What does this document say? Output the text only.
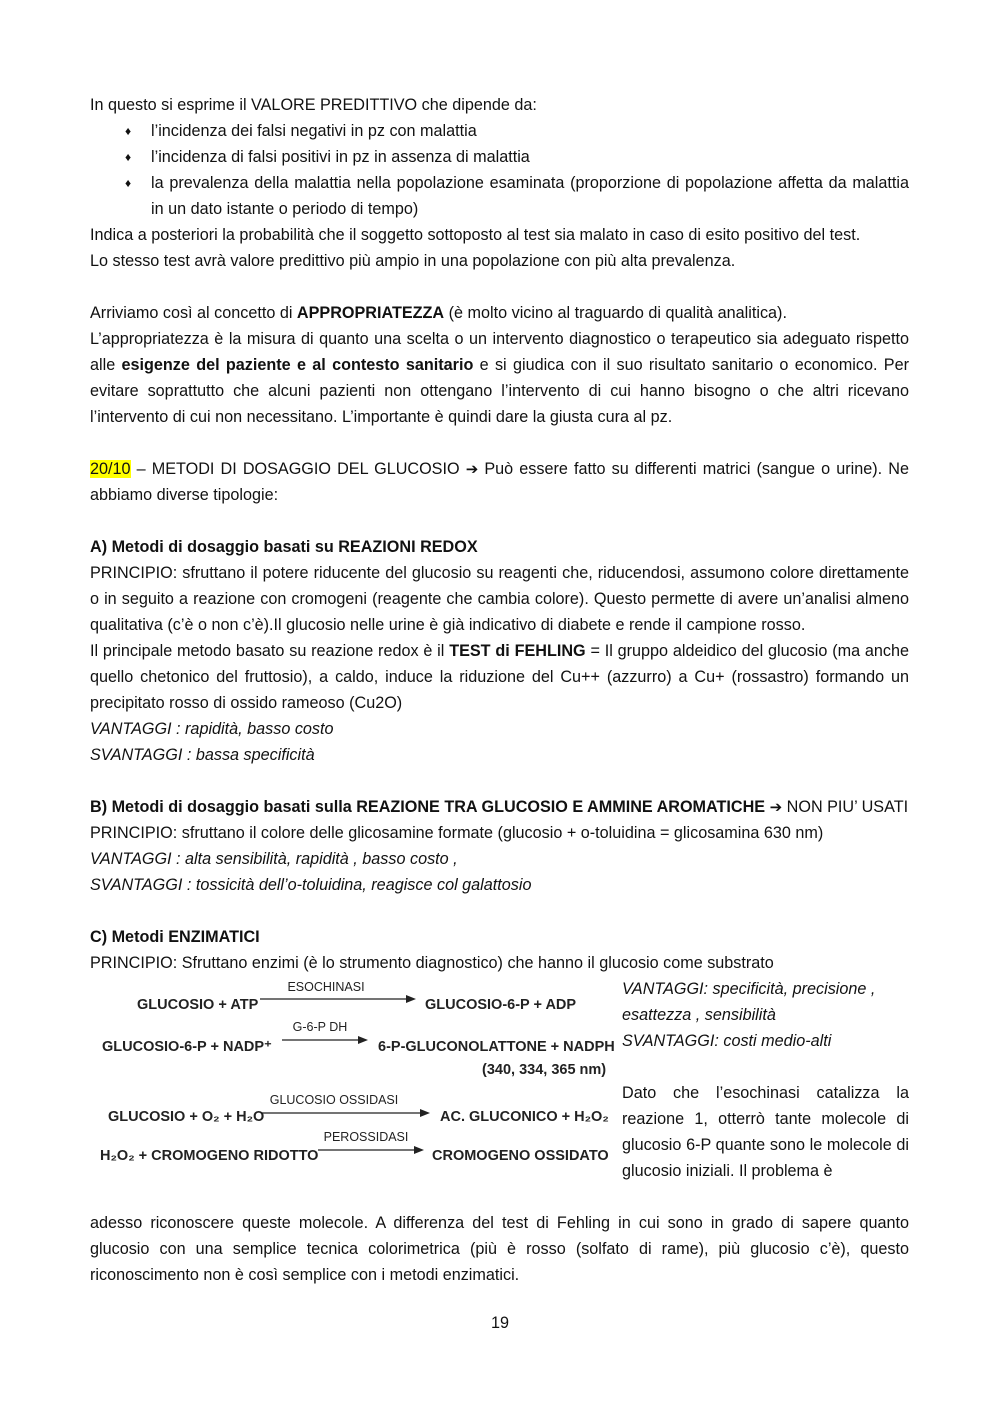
In questo si esprime il VALORE PREDITTIVO che dipende da:

♦ l’incidenza dei falsi negativi in pz con malattia
♦ l’incidenza di falsi positivi in pz in assenza di malattia
♦ la prevalenza della malattia nella popolazione esaminata (proporzione di popolazione affetta da malattia in un dato istante o periodo di tempo)

Indica a posteriori la probabilità che il soggetto sottoposto al test sia malato in caso di esito positivo del test.

Lo stesso test avrà valore predittivo più ampio in una popolazione con più alta prevalenza.

Arriviamo così al concetto di APPROPRIATEZZA (è molto vicino al traguardo di qualità analitica).

L’appropriatezza è la misura di quanto una scelta o un intervento diagnostico o terapeutico sia adeguato rispetto alle esigenze del paziente e al contesto sanitario e si giudica con il suo risultato sanitario o economico. Per evitare soprattutto che alcuni pazienti non ottengano l’intervento di cui hanno bisogno o che altri ricevano l’intervento di cui non necessitano. L’importante è quindi dare la giusta cura al pz.

20/10 – METODI DI DOSAGGIO DEL GLUCOSIO ➔ Può essere fatto su differenti matrici (sangue o urine). Ne abbiamo diverse tipologie:

A) Metodi di dosaggio basati su REAZIONI REDOX

PRINCIPIO: sfruttano il potere riducente del glucosio su reagenti che, riducendosi, assumono colore direttamente o in seguito a reazione con cromogeni (reagente che cambia colore). Questo permette di avere un’analisi almeno qualitativa (c’è o non c’è).Il glucosio nelle urine è già indicativo di diabete e rende il campione rosso.

Il principale metodo basato su reazione redox è il TEST di FEHLING = Il gruppo aldeidico del glucosio (ma anche quello chetonico del fruttosio), a caldo, induce la riduzione del Cu++ (azzurro) a Cu+ (rossastro) formando un precipitato rosso di ossido rameoso (Cu2O)

VANTAGGI : rapidità, basso costo

SVANTAGGI : bassa specificità

B) Metodi di dosaggio basati sulla REAZIONE TRA GLUCOSIO E AMMINE AROMATICHE ➔ NON PIU’ USATI

PRINCIPIO: sfruttano il colore delle glicosamine formate (glucosio + o-toluidina = glicosamina 630 nm)

VANTAGGI : alta sensibilità, rapidità , basso costo ,

SVANTAGGI : tossicità dell’o-toluidina, reagisce col galattosio

C) Metodi ENZIMATICI

PRINCIPIO: Sfruttano enzimi (è lo strumento diagnostico) che hanno il glucosio come substrato

GLUCOSIO + ATP
ESOCHINASI
GLUCOSIO-6-P + ADP
GLUCOSIO-6-P + NADP⁺
G-6-P DH
6-P-GLUCONOLATTONE + NADPH
(340, 334, 365 nm)
GLUCOSIO + O₂ + H₂O
GLUCOSIO OSSIDASI
AC. GLUCONICO + H₂O₂
H₂O₂ + CROMOGENO RIDOTTO
PEROSSIDASI
CROMOGENO OSSIDATO

VANTAGGI: specificità, precisione , esattezza , sensibilità

SVANTAGGI: costi medio-alti

Dato che l’esochinasi catalizza la reazione 1, otterrò tante molecole di glucosio 6-P quante sono le molecole di glucosio iniziali. Il problema è

adesso riconoscere queste molecole. A differenza del test di Fehling in cui sono in grado di sapere quanto glucosio con una semplice tecnica colorimetrica (più è rosso (solfato di rame), più glucosio c’è), questo riconoscimento non è così semplice con i metodi enzimatici.

19
